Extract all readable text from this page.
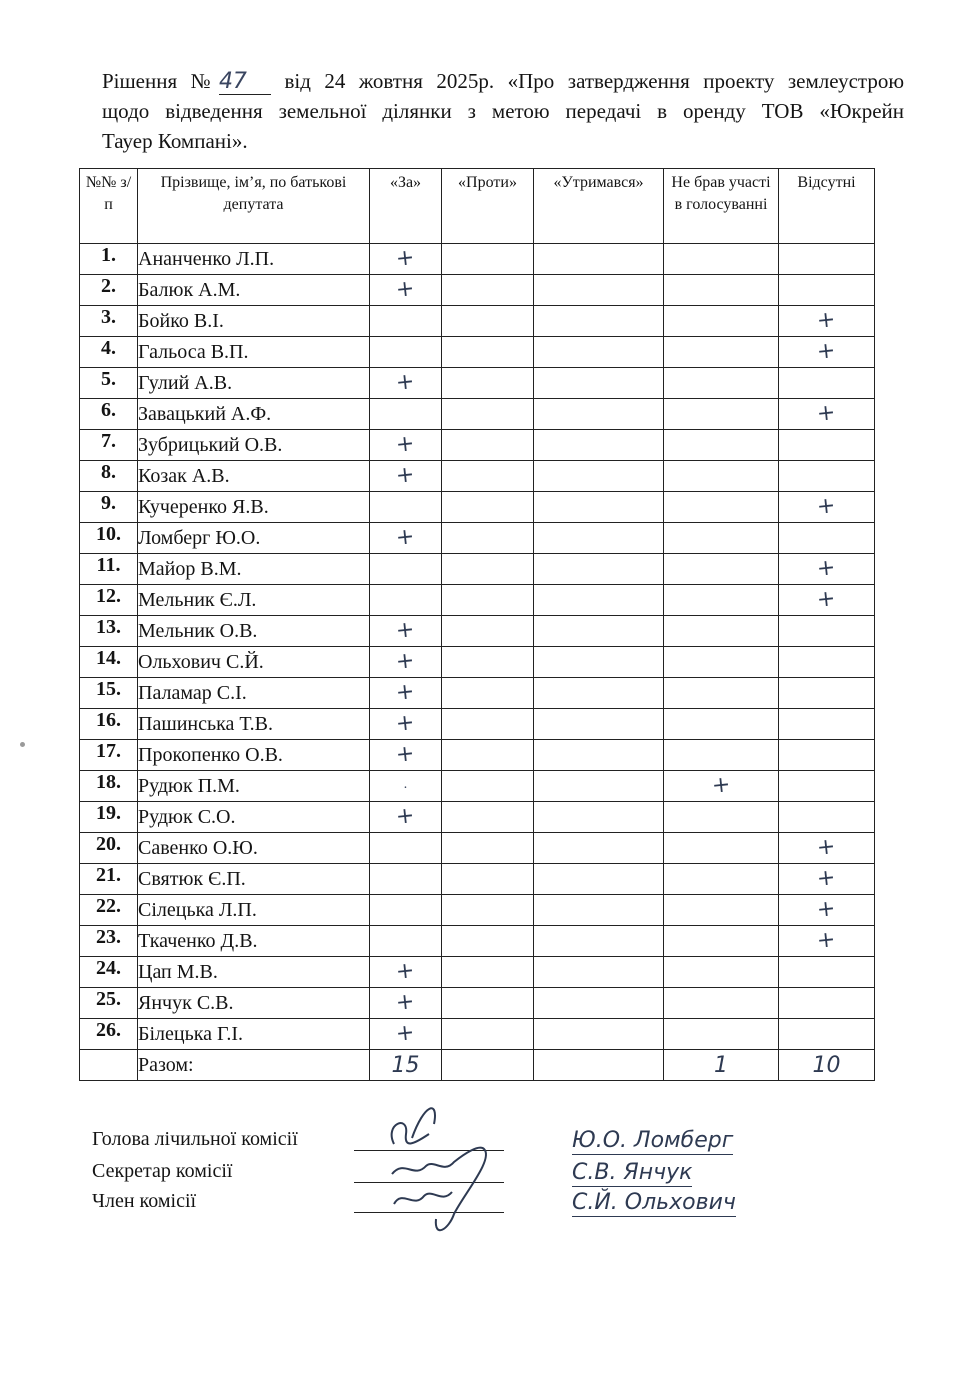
Рішення №47 від 24 жовтня 2025р. «Про затвердження проекту землеустрою
щодо відведення земельної ділянки з метою передачі в оренду ТОВ «Юкрейн
Тауер Компані».
№№ з/п	Прізвище, ім’я, по батькові депутата	«За»	«Проти»	«Утримався»	Не брав участі в голосуванні	Відсутні
1.	Ананченко Л.П.	+				
2.	Балюк А.М.	+				
3.	Бойко В.І.					+
4.	Гальоса В.П.					+
5.	Гулий А.В.	+				
6.	Завацький А.Ф.					+
7.	Зубрицький О.В.	+				
8.	Козак А.В.	+				
9.	Кучеренко Я.В.					+
10.	Ломберг Ю.О.	+				
11.	Майор В.М.					+
12.	Мельник Є.Л.					+
13.	Мельник О.В.	+				
14.	Ольхович С.Й.	+				
15.	Паламар С.І.	+				
16.	Пашинська Т.В.	+				
17.	Прокопенко О.В.	+				
18.	Рудюк П.М.	·			+	
19.	Рудюк С.О.	+				
20.	Савенко О.Ю.					+
21.	Святюк Є.П.					+
22.	Сілецька Л.П.					+
23.	Ткаченко Д.В.					+
24.	Цап М.В.	+				
25.	Янчук С.В.	+				
26.	Білецька Г.І.	+				
	Разом:	15			1	10
Голова лічильної комісії
Секретар комісії
Член комісії
Ю.О. Ломберг
С.В. Янчук
С.Й. Ольхович
